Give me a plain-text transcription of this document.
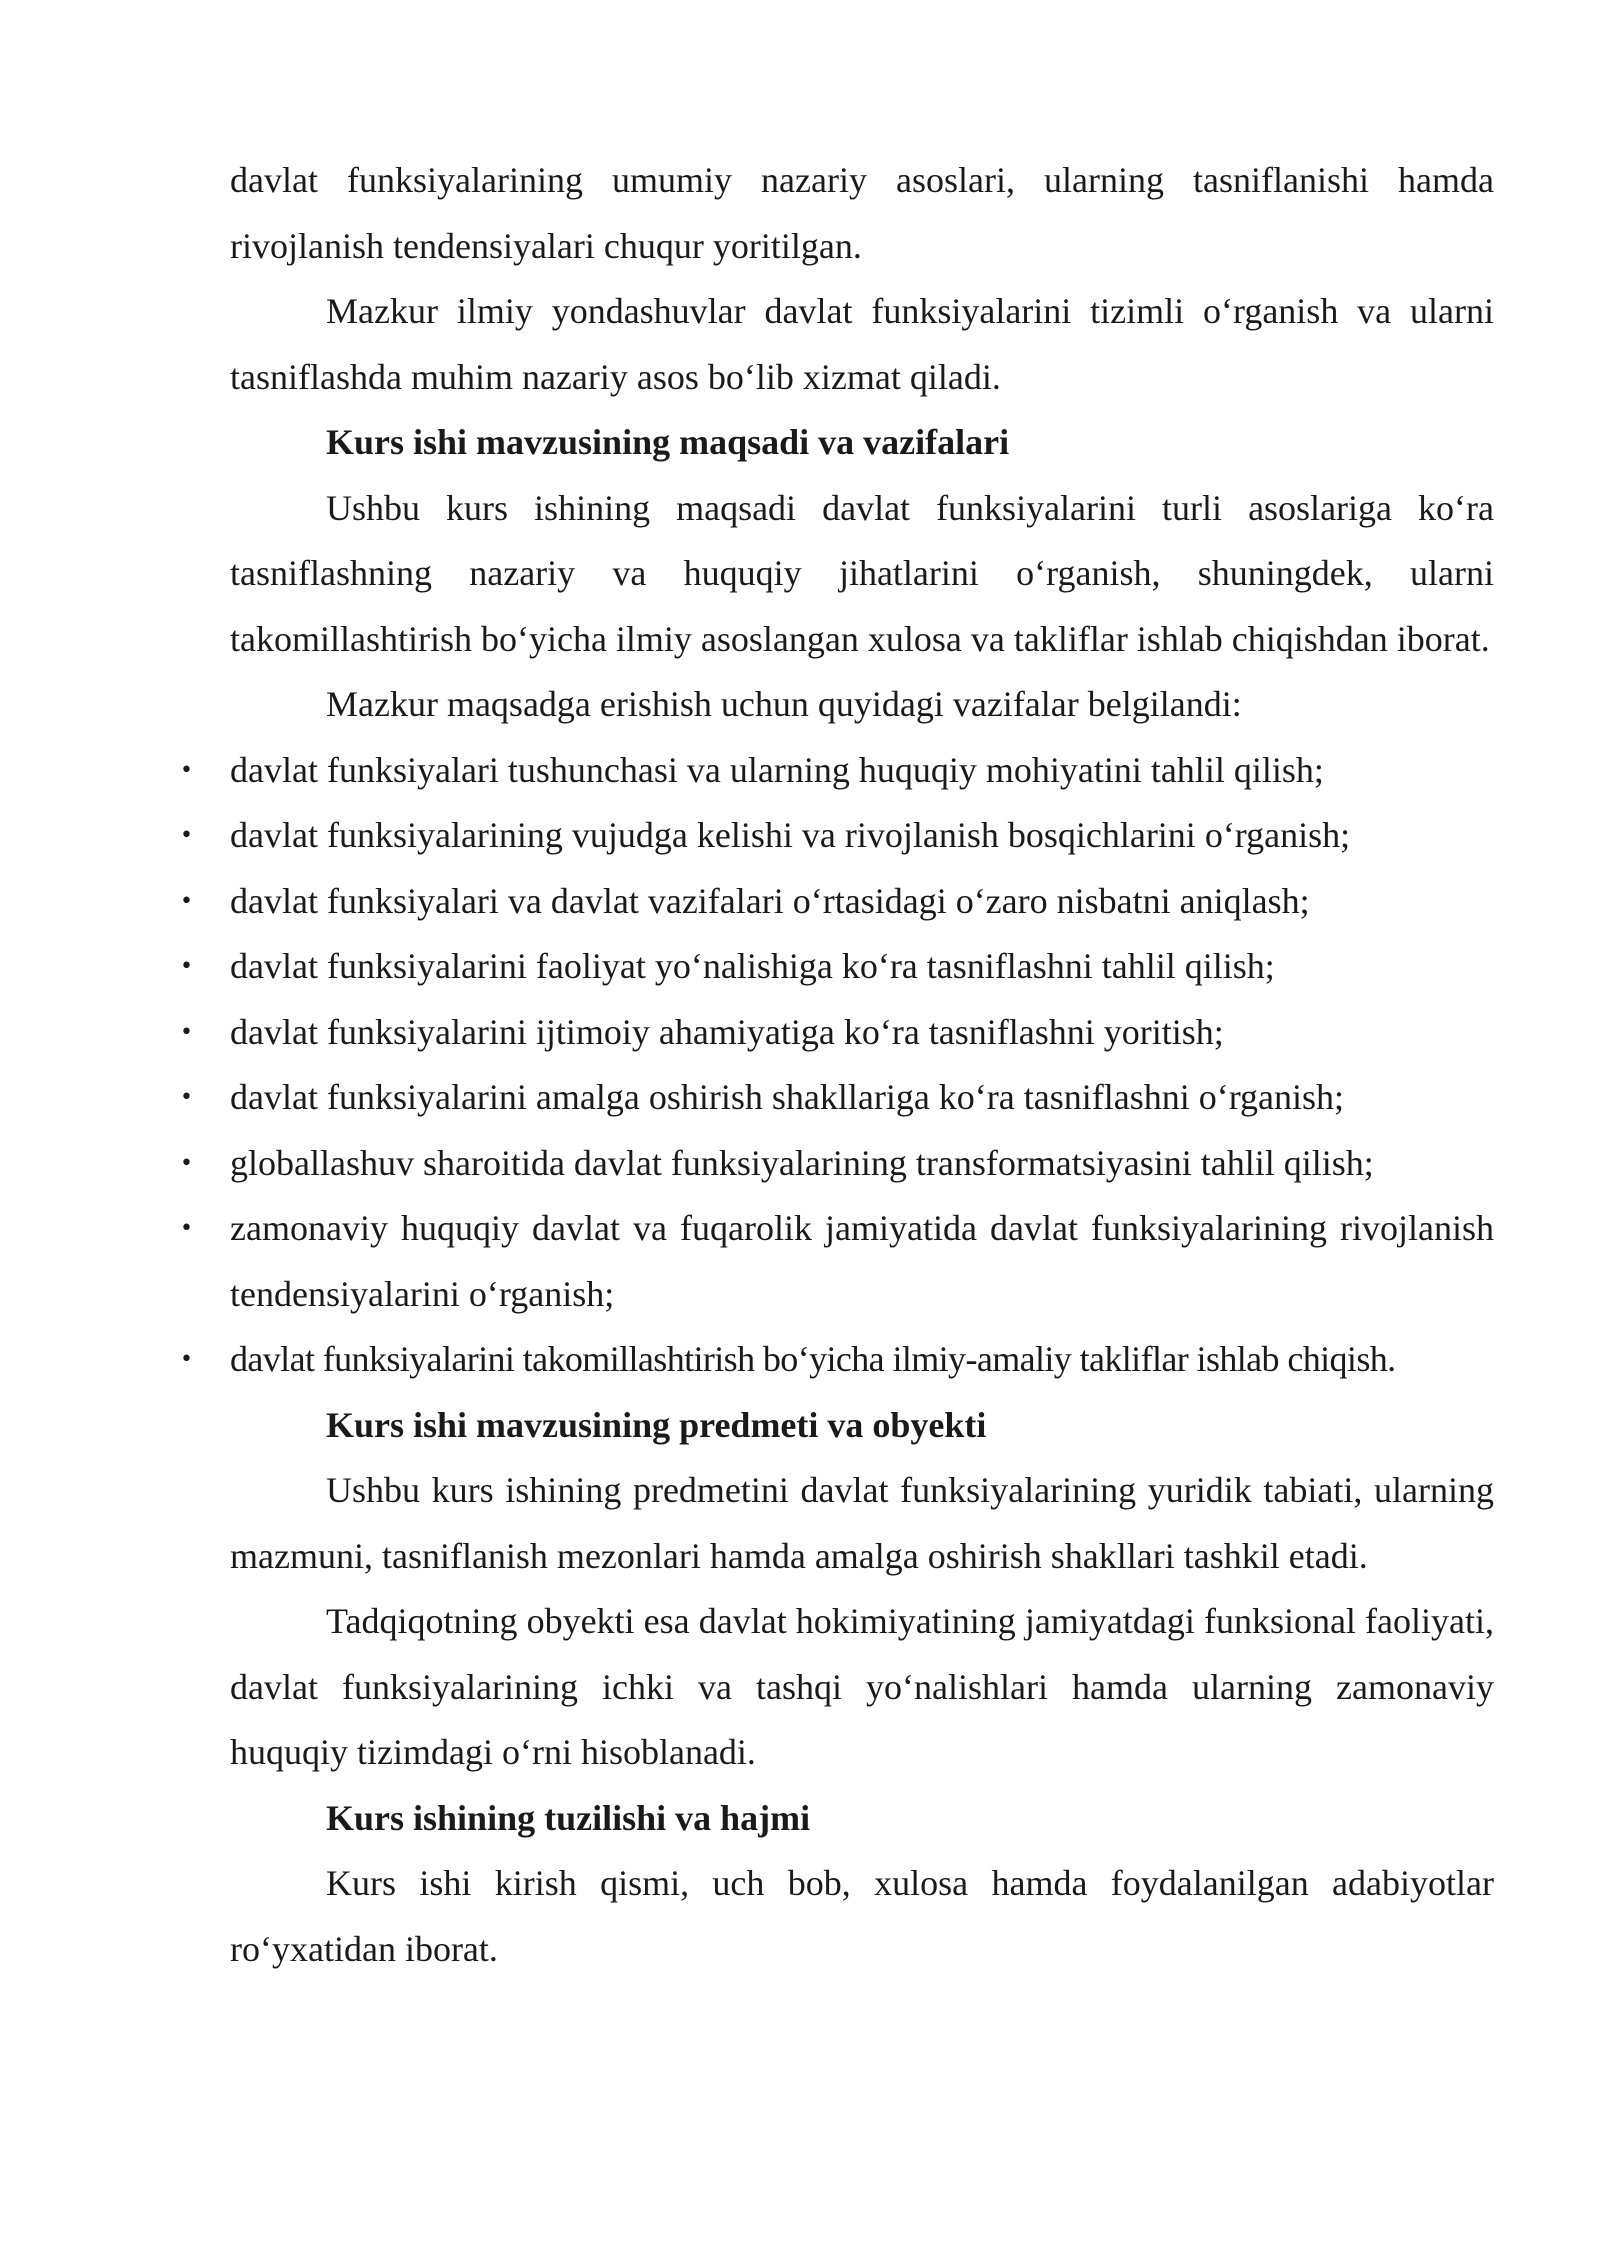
davlat funksiyalarining umumiy nazariy asoslari, ularning tasniflanishi hamda rivojlanish tendensiyalari chuqur yoritilgan.

Mazkur ilmiy yondashuvlar davlat funksiyalarini tizimli o‘rganish va ularni tasniflashda muhim nazariy asos bo‘lib xizmat qiladi.

Kurs ishi mavzusining maqsadi va vazifalari

Ushbu kurs ishining maqsadi davlat funksiyalarini turli asoslariga ko‘ra tasniflashning nazariy va huquqiy jihatlarini o‘rganish, shuningdek, ularni takomillashtirish bo‘yicha ilmiy asoslangan xulosa va takliflar ishlab chiqishdan iborat.

Mazkur maqsadga erishish uchun quyidagi vazifalar belgilandi:

• davlat funksiyalari tushunchasi va ularning huquqiy mohiyatini tahlil qilish;
• davlat funksiyalarining vujudga kelishi va rivojlanish bosqichlarini o‘rganish;
• davlat funksiyalari va davlat vazifalari o‘rtasidagi o‘zaro nisbatni aniqlash;
• davlat funksiyalarini faoliyat yo‘nalishiga ko‘ra tasniflashni tahlil qilish;
• davlat funksiyalarini ijtimoiy ahamiyatiga ko‘ra tasniflashni yoritish;
• davlat funksiyalarini amalga oshirish shakllariga ko‘ra tasniflashni o‘rganish;
• globallashuv sharoitida davlat funksiyalarining transformatsiyasini tahlil qilish;
• zamonaviy huquqiy davlat va fuqarolik jamiyatida davlat funksiyalarining rivojlanish tendensiyalarini o‘rganish;
• davlat funksiyalarini takomillashtirish bo‘yicha ilmiy-amaliy takliflar ishlab chiqish.

Kurs ishi mavzusining predmeti va obyekti

Ushbu kurs ishining predmetini davlat funksiyalarining yuridik tabiati, ularning mazmuni, tasniflanish mezonlari hamda amalga oshirish shakllari tashkil etadi.

Tadqiqotning obyekti esa davlat hokimiyatining jamiyatdagi funksional faoliyati, davlat funksiyalarining ichki va tashqi yo‘nalishlari hamda ularning zamonaviy huquqiy tizimdagi o‘rni hisoblanadi.

Kurs ishining tuzilishi va hajmi

Kurs ishi kirish qismi, uch bob, xulosa hamda foydalanilgan adabiyotlar ro‘yxatidan iborat.
